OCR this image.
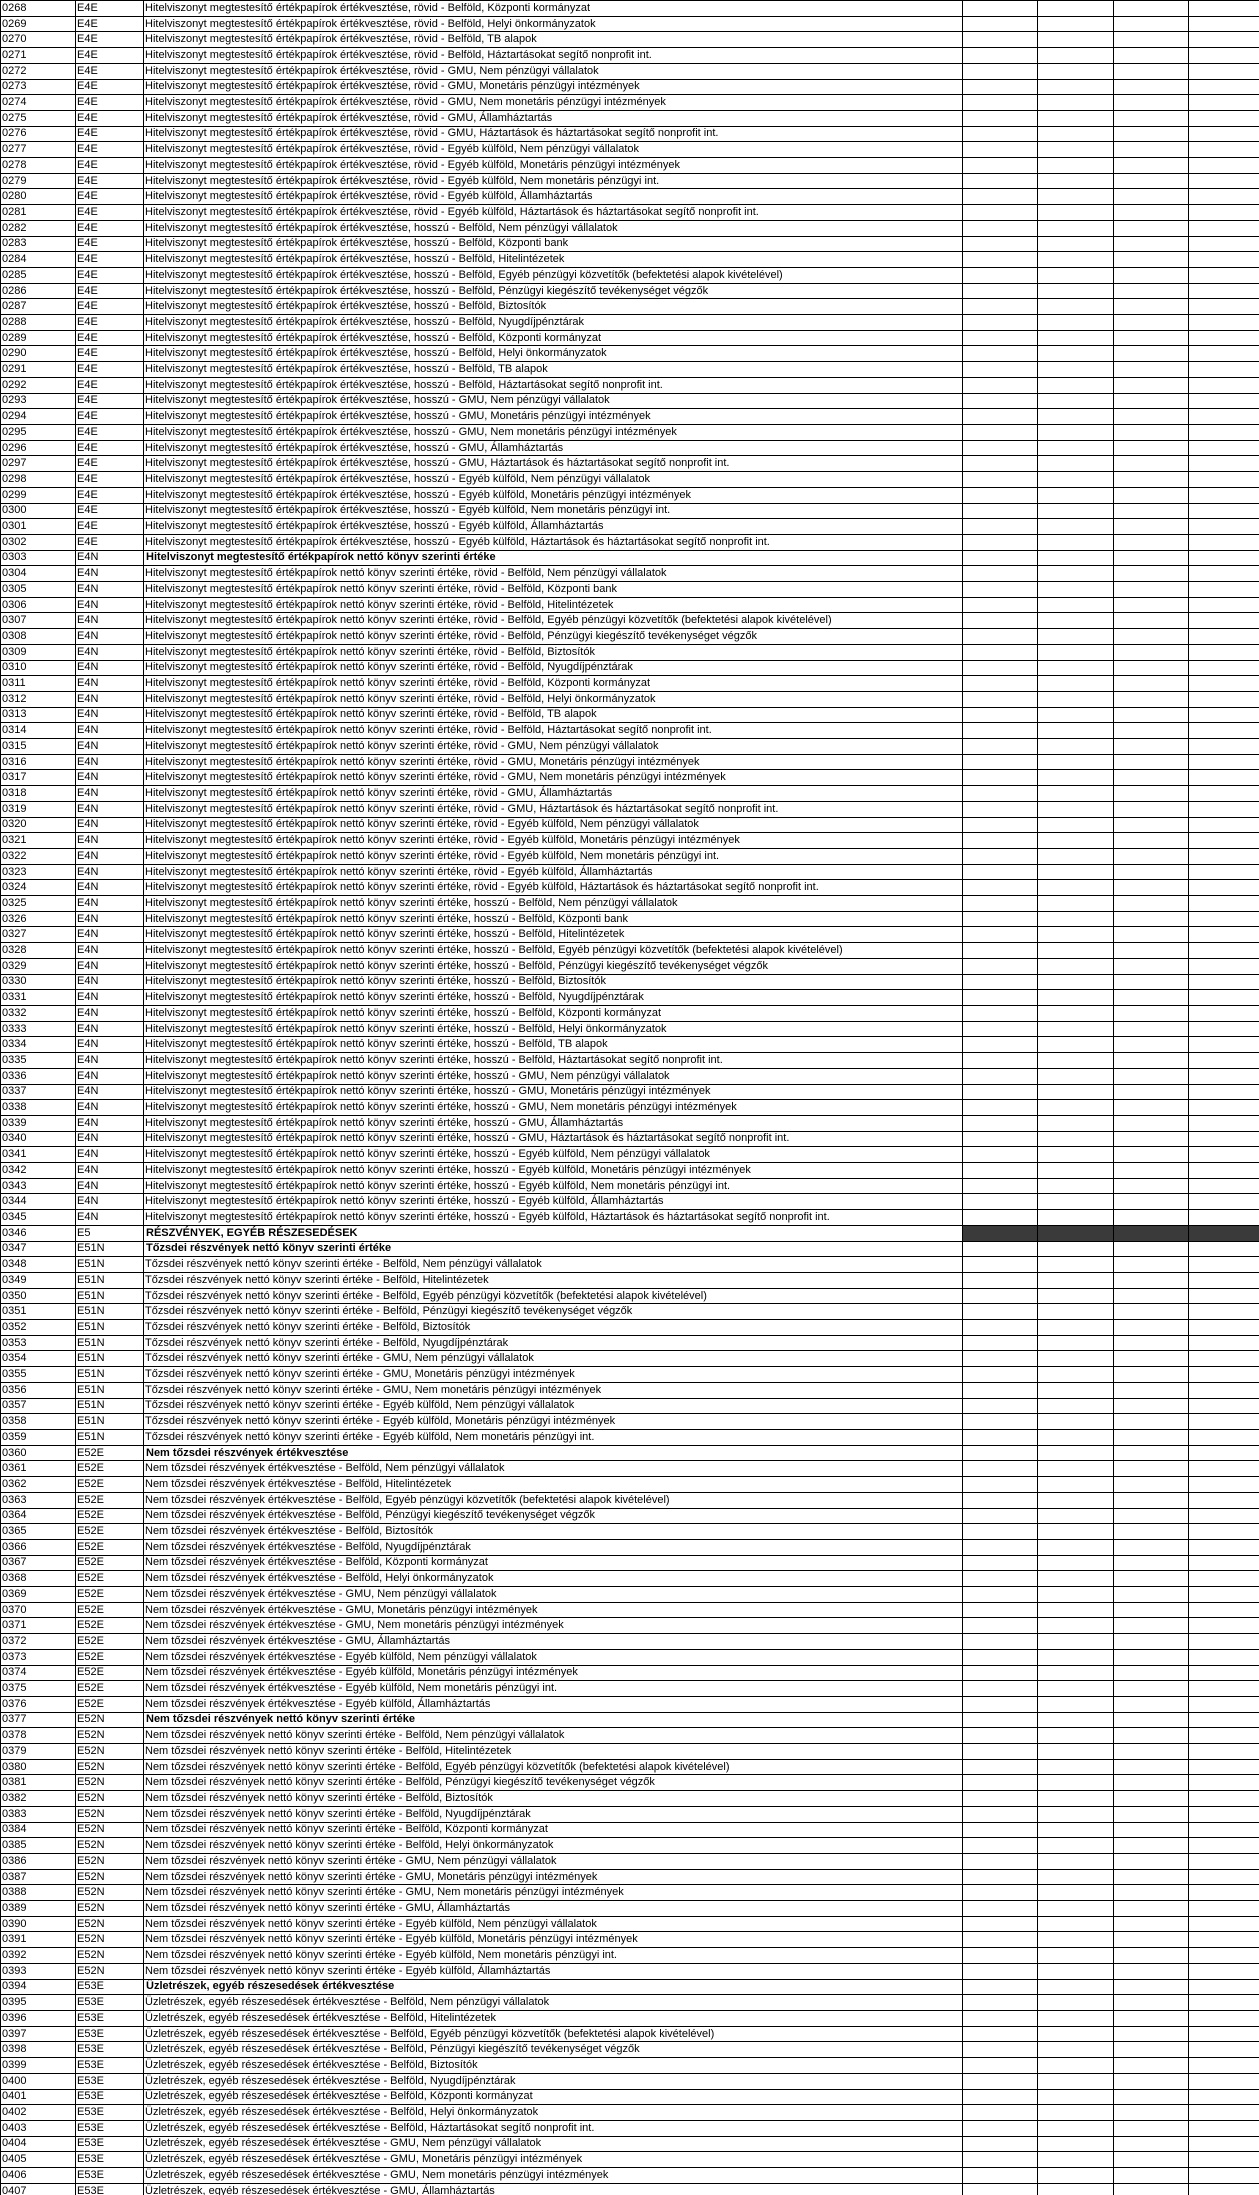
0268	E4E	Hitelviszonyt megtestesítő értékpapírok értékvesztése, rövid - Belföld, Központi kormányzat				
0269	E4E	Hitelviszonyt megtestesítő értékpapírok értékvesztése, rövid - Belföld, Helyi önkormányzatok				
0270	E4E	Hitelviszonyt megtestesítő értékpapírok értékvesztése, rövid - Belföld, TB alapok				
0271	E4E	Hitelviszonyt megtestesítő értékpapírok értékvesztése, rövid - Belföld, Háztartásokat segítő nonprofit int.				
0272	E4E	Hitelviszonyt megtestesítő értékpapírok értékvesztése, rövid - GMU, Nem pénzügyi vállalatok				
0273	E4E	Hitelviszonyt megtestesítő értékpapírok értékvesztése, rövid - GMU, Monetáris pénzügyi intézmények				
0274	E4E	Hitelviszonyt megtestesítő értékpapírok értékvesztése, rövid - GMU, Nem monetáris pénzügyi intézmények				
0275	E4E	Hitelviszonyt megtestesítő értékpapírok értékvesztése, rövid - GMU, Államháztartás				
0276	E4E	Hitelviszonyt megtestesítő értékpapírok értékvesztése, rövid - GMU, Háztartások és háztartásokat segítő nonprofit int.				
0277	E4E	Hitelviszonyt megtestesítő értékpapírok értékvesztése, rövid - Egyéb külföld, Nem pénzügyi vállalatok				
0278	E4E	Hitelviszonyt megtestesítő értékpapírok értékvesztése, rövid - Egyéb külföld, Monetáris pénzügyi intézmények				
0279	E4E	Hitelviszonyt megtestesítő értékpapírok értékvesztése, rövid - Egyéb külföld, Nem monetáris pénzügyi int.				
0280	E4E	Hitelviszonyt megtestesítő értékpapírok értékvesztése, rövid - Egyéb külföld, Államháztartás				
0281	E4E	Hitelviszonyt megtestesítő értékpapírok értékvesztése, rövid - Egyéb külföld, Háztartások és háztartásokat segítő nonprofit int.				
0282	E4E	Hitelviszonyt megtestesítő értékpapírok értékvesztése, hosszú - Belföld, Nem pénzügyi vállalatok				
0283	E4E	Hitelviszonyt megtestesítő értékpapírok értékvesztése, hosszú - Belföld, Központi bank				
0284	E4E	Hitelviszonyt megtestesítő értékpapírok értékvesztése, hosszú - Belföld, Hitelintézetek				
0285	E4E	Hitelviszonyt megtestesítő értékpapírok értékvesztése, hosszú - Belföld, Egyéb pénzügyi közvetítők (befektetési alapok kivételével)				
0286	E4E	Hitelviszonyt megtestesítő értékpapírok értékvesztése, hosszú - Belföld, Pénzügyi kiegészítő tevékenységet végzők				
0287	E4E	Hitelviszonyt megtestesítő értékpapírok értékvesztése, hosszú - Belföld, Biztosítók				
0288	E4E	Hitelviszonyt megtestesítő értékpapírok értékvesztése, hosszú - Belföld, Nyugdíjpénztárak				
0289	E4E	Hitelviszonyt megtestesítő értékpapírok értékvesztése, hosszú - Belföld, Központi kormányzat				
0290	E4E	Hitelviszonyt megtestesítő értékpapírok értékvesztése, hosszú - Belföld, Helyi önkormányzatok				
0291	E4E	Hitelviszonyt megtestesítő értékpapírok értékvesztése, hosszú - Belföld, TB alapok				
0292	E4E	Hitelviszonyt megtestesítő értékpapírok értékvesztése, hosszú - Belföld, Háztartásokat segítő nonprofit int.				
0293	E4E	Hitelviszonyt megtestesítő értékpapírok értékvesztése, hosszú - GMU, Nem pénzügyi vállalatok				
0294	E4E	Hitelviszonyt megtestesítő értékpapírok értékvesztése, hosszú - GMU, Monetáris pénzügyi intézmények				
0295	E4E	Hitelviszonyt megtestesítő értékpapírok értékvesztése, hosszú - GMU, Nem monetáris pénzügyi intézmények				
0296	E4E	Hitelviszonyt megtestesítő értékpapírok értékvesztése, hosszú - GMU, Államháztartás				
0297	E4E	Hitelviszonyt megtestesítő értékpapírok értékvesztése, hosszú - GMU, Háztartások és háztartásokat segítő nonprofit int.				
0298	E4E	Hitelviszonyt megtestesítő értékpapírok értékvesztése, hosszú - Egyéb külföld, Nem pénzügyi vállalatok				
0299	E4E	Hitelviszonyt megtestesítő értékpapírok értékvesztése, hosszú - Egyéb külföld, Monetáris pénzügyi intézmények				
0300	E4E	Hitelviszonyt megtestesítő értékpapírok értékvesztése, hosszú - Egyéb külföld, Nem monetáris pénzügyi int.				
0301	E4E	Hitelviszonyt megtestesítő értékpapírok értékvesztése, hosszú - Egyéb külföld, Államháztartás				
0302	E4E	Hitelviszonyt megtestesítő értékpapírok értékvesztése, hosszú - Egyéb külföld, Háztartások és háztartásokat segítő nonprofit int.				
0303	E4N	Hitelviszonyt megtestesítő értékpapírok nettó könyv szerinti értéke				
0304	E4N	Hitelviszonyt megtestesítő értékpapírok nettó könyv szerinti értéke, rövid - Belföld, Nem pénzügyi vállalatok				
0305	E4N	Hitelviszonyt megtestesítő értékpapírok nettó könyv szerinti értéke, rövid - Belföld, Központi bank				
0306	E4N	Hitelviszonyt megtestesítő értékpapírok nettó könyv szerinti értéke, rövid - Belföld, Hitelintézetek				
0307	E4N	Hitelviszonyt megtestesítő értékpapírok nettó könyv szerinti értéke, rövid - Belföld, Egyéb pénzügyi közvetítők (befektetési alapok kivételével)				
0308	E4N	Hitelviszonyt megtestesítő értékpapírok nettó könyv szerinti értéke, rövid - Belföld, Pénzügyi kiegészítő tevékenységet végzők				
0309	E4N	Hitelviszonyt megtestesítő értékpapírok nettó könyv szerinti értéke, rövid - Belföld, Biztosítók				
0310	E4N	Hitelviszonyt megtestesítő értékpapírok nettó könyv szerinti értéke, rövid - Belföld, Nyugdíjpénztárak				
0311	E4N	Hitelviszonyt megtestesítő értékpapírok nettó könyv szerinti értéke, rövid - Belföld, Központi kormányzat				
0312	E4N	Hitelviszonyt megtestesítő értékpapírok nettó könyv szerinti értéke, rövid - Belföld, Helyi önkormányzatok				
0313	E4N	Hitelviszonyt megtestesítő értékpapírok nettó könyv szerinti értéke, rövid - Belföld, TB alapok				
0314	E4N	Hitelviszonyt megtestesítő értékpapírok nettó könyv szerinti értéke, rövid - Belföld, Háztartásokat segítő nonprofit int.				
0315	E4N	Hitelviszonyt megtestesítő értékpapírok nettó könyv szerinti értéke, rövid - GMU, Nem pénzügyi vállalatok				
0316	E4N	Hitelviszonyt megtestesítő értékpapírok nettó könyv szerinti értéke, rövid - GMU, Monetáris pénzügyi intézmények				
0317	E4N	Hitelviszonyt megtestesítő értékpapírok nettó könyv szerinti értéke, rövid - GMU, Nem monetáris pénzügyi intézmények				
0318	E4N	Hitelviszonyt megtestesítő értékpapírok nettó könyv szerinti értéke, rövid - GMU, Államháztartás				
0319	E4N	Hitelviszonyt megtestesítő értékpapírok nettó könyv szerinti értéke, rövid - GMU, Háztartások és háztartásokat segítő nonprofit int.				
0320	E4N	Hitelviszonyt megtestesítő értékpapírok nettó könyv szerinti értéke, rövid - Egyéb külföld, Nem pénzügyi vállalatok				
0321	E4N	Hitelviszonyt megtestesítő értékpapírok nettó könyv szerinti értéke, rövid - Egyéb külföld, Monetáris pénzügyi intézmények				
0322	E4N	Hitelviszonyt megtestesítő értékpapírok nettó könyv szerinti értéke, rövid - Egyéb külföld, Nem monetáris pénzügyi int.				
0323	E4N	Hitelviszonyt megtestesítő értékpapírok nettó könyv szerinti értéke, rövid - Egyéb külföld, Államháztartás				
0324	E4N	Hitelviszonyt megtestesítő értékpapírok nettó könyv szerinti értéke, rövid - Egyéb külföld, Háztartások és háztartásokat segítő nonprofit int.				
0325	E4N	Hitelviszonyt megtestesítő értékpapírok nettó könyv szerinti értéke, hosszú - Belföld, Nem pénzügyi vállalatok				
0326	E4N	Hitelviszonyt megtestesítő értékpapírok nettó könyv szerinti értéke, hosszú - Belföld, Központi bank				
0327	E4N	Hitelviszonyt megtestesítő értékpapírok nettó könyv szerinti értéke, hosszú - Belföld, Hitelintézetek				
0328	E4N	Hitelviszonyt megtestesítő értékpapírok nettó könyv szerinti értéke, hosszú - Belföld, Egyéb pénzügyi közvetítők (befektetési alapok kivételével)				
0329	E4N	Hitelviszonyt megtestesítő értékpapírok nettó könyv szerinti értéke, hosszú - Belföld, Pénzügyi kiegészítő tevékenységet végzők				
0330	E4N	Hitelviszonyt megtestesítő értékpapírok nettó könyv szerinti értéke, hosszú - Belföld, Biztosítók				
0331	E4N	Hitelviszonyt megtestesítő értékpapírok nettó könyv szerinti értéke, hosszú - Belföld, Nyugdíjpénztárak				
0332	E4N	Hitelviszonyt megtestesítő értékpapírok nettó könyv szerinti értéke, hosszú - Belföld, Központi kormányzat				
0333	E4N	Hitelviszonyt megtestesítő értékpapírok nettó könyv szerinti értéke, hosszú - Belföld, Helyi önkormányzatok				
0334	E4N	Hitelviszonyt megtestesítő értékpapírok nettó könyv szerinti értéke, hosszú - Belföld, TB alapok				
0335	E4N	Hitelviszonyt megtestesítő értékpapírok nettó könyv szerinti értéke, hosszú - Belföld, Háztartásokat segítő nonprofit int.				
0336	E4N	Hitelviszonyt megtestesítő értékpapírok nettó könyv szerinti értéke, hosszú - GMU, Nem pénzügyi vállalatok				
0337	E4N	Hitelviszonyt megtestesítő értékpapírok nettó könyv szerinti értéke, hosszú - GMU, Monetáris pénzügyi intézmények				
0338	E4N	Hitelviszonyt megtestesítő értékpapírok nettó könyv szerinti értéke, hosszú - GMU, Nem monetáris pénzügyi intézmények				
0339	E4N	Hitelviszonyt megtestesítő értékpapírok nettó könyv szerinti értéke, hosszú - GMU, Államháztartás				
0340	E4N	Hitelviszonyt megtestesítő értékpapírok nettó könyv szerinti értéke, hosszú - GMU, Háztartások és háztartásokat segítő nonprofit int.				
0341	E4N	Hitelviszonyt megtestesítő értékpapírok nettó könyv szerinti értéke, hosszú - Egyéb külföld, Nem pénzügyi vállalatok				
0342	E4N	Hitelviszonyt megtestesítő értékpapírok nettó könyv szerinti értéke, hosszú - Egyéb külföld, Monetáris pénzügyi intézmények				
0343	E4N	Hitelviszonyt megtestesítő értékpapírok nettó könyv szerinti értéke, hosszú - Egyéb külföld, Nem monetáris pénzügyi int.				
0344	E4N	Hitelviszonyt megtestesítő értékpapírok nettó könyv szerinti értéke, hosszú - Egyéb külföld, Államháztartás				
0345	E4N	Hitelviszonyt megtestesítő értékpapírok nettó könyv szerinti értéke, hosszú - Egyéb külföld, Háztartások és háztartásokat segítő nonprofit int.				
0346	E5	RÉSZVÉNYEK, EGYÉB RÉSZESEDÉSEK				
0347	E51N	Tőzsdei részvények nettó könyv szerinti értéke				
0348	E51N	Tőzsdei részvények nettó könyv szerinti értéke - Belföld, Nem pénzügyi vállalatok				
0349	E51N	Tőzsdei részvények nettó könyv szerinti értéke - Belföld, Hitelintézetek				
0350	E51N	Tőzsdei részvények nettó könyv szerinti értéke - Belföld, Egyéb pénzügyi közvetítők (befektetési alapok kivételével)				
0351	E51N	Tőzsdei részvények nettó könyv szerinti értéke - Belföld, Pénzügyi kiegészítő tevékenységet végzők				
0352	E51N	Tőzsdei részvények nettó könyv szerinti értéke - Belföld, Biztosítók				
0353	E51N	Tőzsdei részvények nettó könyv szerinti értéke - Belföld, Nyugdíjpénztárak				
0354	E51N	Tőzsdei részvények nettó könyv szerinti értéke - GMU, Nem pénzügyi vállalatok				
0355	E51N	Tőzsdei részvények nettó könyv szerinti értéke - GMU, Monetáris pénzügyi intézmények				
0356	E51N	Tőzsdei részvények nettó könyv szerinti értéke - GMU, Nem monetáris pénzügyi intézmények				
0357	E51N	Tőzsdei részvények nettó könyv szerinti értéke - Egyéb külföld, Nem pénzügyi vállalatok				
0358	E51N	Tőzsdei részvények nettó könyv szerinti értéke - Egyéb külföld, Monetáris pénzügyi intézmények				
0359	E51N	Tőzsdei részvények nettó könyv szerinti értéke - Egyéb külföld, Nem monetáris pénzügyi int.				
0360	E52E	Nem tőzsdei részvények értékvesztése				
0361	E52E	Nem tőzsdei részvények értékvesztése - Belföld, Nem pénzügyi vállalatok				
0362	E52E	Nem tőzsdei részvények értékvesztése - Belföld, Hitelintézetek				
0363	E52E	Nem tőzsdei részvények értékvesztése - Belföld, Egyéb pénzügyi közvetítők (befektetési alapok kivételével)				
0364	E52E	Nem tőzsdei részvények értékvesztése - Belföld, Pénzügyi kiegészítő tevékenységet végzők				
0365	E52E	Nem tőzsdei részvények értékvesztése - Belföld, Biztosítók				
0366	E52E	Nem tőzsdei részvények értékvesztése - Belföld, Nyugdíjpénztárak				
0367	E52E	Nem tőzsdei részvények értékvesztése - Belföld, Központi kormányzat				
0368	E52E	Nem tőzsdei részvények értékvesztése - Belföld, Helyi önkormányzatok				
0369	E52E	Nem tőzsdei részvények értékvesztése - GMU, Nem pénzügyi vállalatok				
0370	E52E	Nem tőzsdei részvények értékvesztése - GMU, Monetáris pénzügyi intézmények				
0371	E52E	Nem tőzsdei részvények értékvesztése - GMU, Nem monetáris pénzügyi intézmények				
0372	E52E	Nem tőzsdei részvények értékvesztése - GMU, Államháztartás				
0373	E52E	Nem tőzsdei részvények értékvesztése - Egyéb külföld, Nem pénzügyi vállalatok				
0374	E52E	Nem tőzsdei részvények értékvesztése - Egyéb külföld, Monetáris pénzügyi intézmények				
0375	E52E	Nem tőzsdei részvények értékvesztése - Egyéb külföld, Nem monetáris pénzügyi int.				
0376	E52E	Nem tőzsdei részvények értékvesztése - Egyéb külföld, Államháztartás				
0377	E52N	Nem tőzsdei részvények nettó könyv szerinti értéke				
0378	E52N	Nem tőzsdei részvények nettó könyv szerinti értéke - Belföld, Nem pénzügyi vállalatok				
0379	E52N	Nem tőzsdei részvények nettó könyv szerinti értéke - Belföld, Hitelintézetek				
0380	E52N	Nem tőzsdei részvények nettó könyv szerinti értéke - Belföld, Egyéb pénzügyi közvetítők (befektetési alapok kivételével)				
0381	E52N	Nem tőzsdei részvények nettó könyv szerinti értéke - Belföld, Pénzügyi kiegészítő tevékenységet végzők				
0382	E52N	Nem tőzsdei részvények nettó könyv szerinti értéke - Belföld, Biztosítók				
0383	E52N	Nem tőzsdei részvények nettó könyv szerinti értéke - Belföld, Nyugdíjpénztárak				
0384	E52N	Nem tőzsdei részvények nettó könyv szerinti értéke - Belföld, Központi kormányzat				
0385	E52N	Nem tőzsdei részvények nettó könyv szerinti értéke - Belföld, Helyi önkormányzatok				
0386	E52N	Nem tőzsdei részvények nettó könyv szerinti értéke - GMU, Nem pénzügyi vállalatok				
0387	E52N	Nem tőzsdei részvények nettó könyv szerinti értéke - GMU, Monetáris pénzügyi intézmények				
0388	E52N	Nem tőzsdei részvények nettó könyv szerinti értéke - GMU, Nem monetáris pénzügyi intézmények				
0389	E52N	Nem tőzsdei részvények nettó könyv szerinti értéke - GMU, Államháztartás				
0390	E52N	Nem tőzsdei részvények nettó könyv szerinti értéke - Egyéb külföld, Nem pénzügyi vállalatok				
0391	E52N	Nem tőzsdei részvények nettó könyv szerinti értéke - Egyéb külföld, Monetáris pénzügyi intézmények				
0392	E52N	Nem tőzsdei részvények nettó könyv szerinti értéke - Egyéb külföld, Nem monetáris pénzügyi int.				
0393	E52N	Nem tőzsdei részvények nettó könyv szerinti értéke - Egyéb külföld, Államháztartás				
0394	E53E	Üzletrészek, egyéb részesedések értékvesztése				
0395	E53E	Üzletrészek, egyéb részesedések értékvesztése - Belföld, Nem pénzügyi vállalatok				
0396	E53E	Üzletrészek, egyéb részesedések értékvesztése - Belföld, Hitelintézetek				
0397	E53E	Üzletrészek, egyéb részesedések értékvesztése - Belföld, Egyéb pénzügyi közvetítők (befektetési alapok kivételével)				
0398	E53E	Üzletrészek, egyéb részesedések értékvesztése - Belföld, Pénzügyi kiegészítő tevékenységet végzők				
0399	E53E	Üzletrészek, egyéb részesedések értékvesztése - Belföld, Biztosítók				
0400	E53E	Üzletrészek, egyéb részesedések értékvesztése - Belföld, Nyugdíjpénztárak				
0401	E53E	Üzletrészek, egyéb részesedések értékvesztése - Belföld, Központi kormányzat				
0402	E53E	Üzletrészek, egyéb részesedések értékvesztése - Belföld, Helyi önkormányzatok				
0403	E53E	Üzletrészek, egyéb részesedések értékvesztése - Belföld, Háztartásokat segítő nonprofit int.				
0404	E53E	Üzletrészek, egyéb részesedések értékvesztése - GMU, Nem pénzügyi vállalatok				
0405	E53E	Üzletrészek, egyéb részesedések értékvesztése - GMU, Monetáris pénzügyi intézmények				
0406	E53E	Üzletrészek, egyéb részesedések értékvesztése - GMU, Nem monetáris pénzügyi intézmények				
0407	E53E	Üzletrészek, egyéb részesedések értékvesztése - GMU, Államháztartás				
